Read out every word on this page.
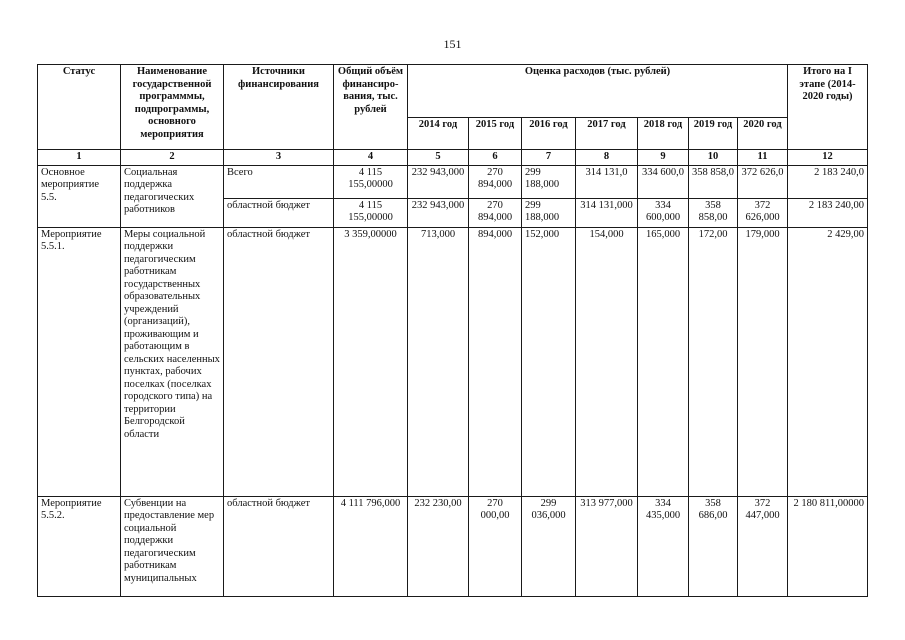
151
Статус	Наименование государственной программмы, подпрограммы, основного мероприятия	Источники финансирования	Общий объём финансиро-вания, тыс. рублей	Оценка расходов (тыс. рублей)							Итого на I этапе (2014-2020 годы)
				2014 год	2015 год	2016 год	2017 год	2018 год	2019 год	2020 год	
1	2	3	4	5	6	7	8	9	10	11	12
Основное мероприятие 5.5.	Социальная поддержка педагогических работников	Всего	4 115 155,00000	232 943,000	270 894,000	299 188,000	314 131,0	334 600,0	358 858,0	372 626,0	2 183 240,0
		областной бюджет	4 115 155,00000	232 943,000	270 894,000	299 188,000	314 131,000	334 600,000	358 858,00	372 626,000	2 183 240,00
Мероприятие 5.5.1.	Меры социальной поддержки педагогическим работникам государственных образовательных учреждений (организаций), проживающим и работающим в сельских населенных пунктах, рабочих поселках (поселках городского типа) на территории Белгородской области	областной бюджет	3 359,00000	713,000	894,000	152,000	154,000	165,000	172,00	179,000	2 429,00
Мероприятие 5.5.2.	Субвенции на предоставление мер социальной поддержки педагогическим работникам муниципальных	областной бюджет	4 111 796,000	232 230,00	270 000,00	299 036,000	313 977,000	334 435,000	358 686,00	372 447,000	2 180 811,00000
